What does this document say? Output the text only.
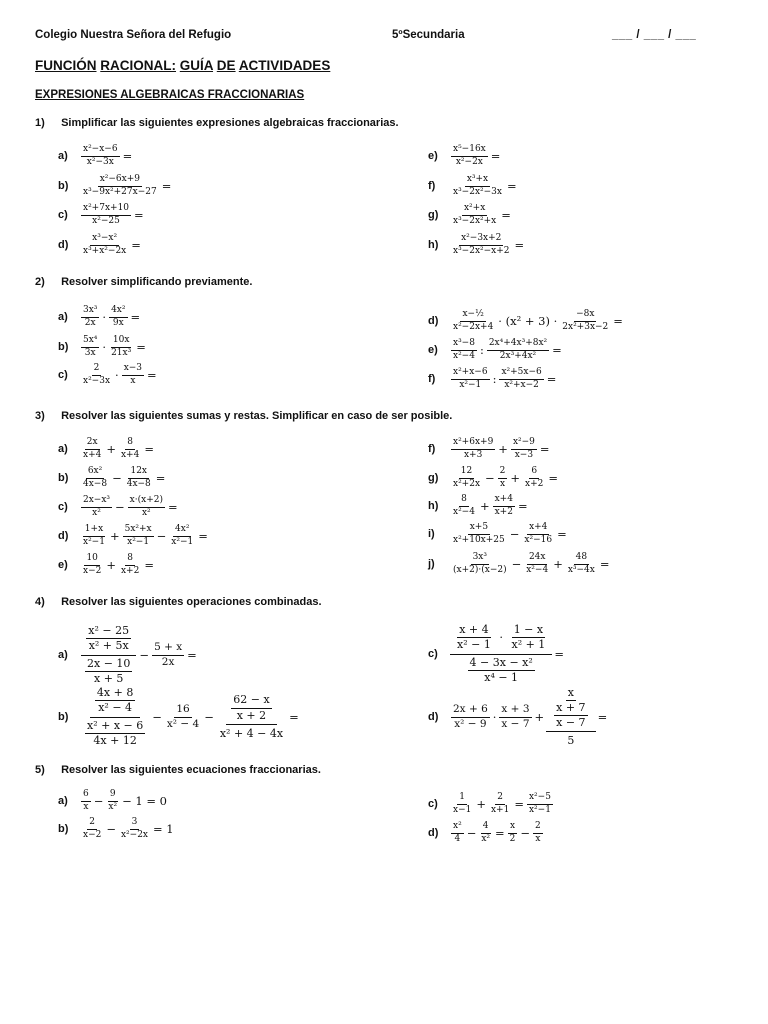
Colegio Nuestra Señora del Refugio	5ºSecundaria	___ / ___ / ___
FUNCIÓN RACIONAL: GUÍA DE ACTIVIDADES
EXPRESIONES ALGEBRAICAS FRACCIONARIAS
1) Simplificar las siguientes expresiones algebraicas fraccionarias.
a)	$\frac{\text{x²−x−6}}{\text{x²−3x}}$ =
b)	$\frac{\text{x²−6x+9}}{\text{x³−9x²+27x−27}}$ =
c)	$\frac{\text{x²+7x+10}}{\text{x²−25}}$ =
d)	$\frac{\text{x³−x²}}{\text{x³+x²−2x}}$ =
e)	$\frac{\text{x⁵−16x}}{\text{x²−2x}}$ =
f)	$\frac{\text{x³+x}}{\text{x³−2x²−3x}}$ =
g)	$\frac{\text{x²+x}}{\text{x³−2x²+x}}$ =
h)	$\frac{\text{x²−3x+2}}{\text{x³−2x²−x+2}}$ =
2) Resolver simplificando previamente.
a)	$\frac{\text{3x³}}{2x} \cdot \frac{\text{4x²}}{9x}$ =
b)	$\frac{\text{5x⁴}}{3x} \cdot \frac{10x}{\text{21x³}}$ =
c)	$\frac{2}{\text{x²−3x}} \cdot \frac{x-3}{x}$ =
d)	$\frac{\text{x−½}}{\text{x²−2x+4}} \cdot (x^2 + 3) \cdot \frac{-8x}{\text{2x²+3x−2}}$ =
e)	$\frac{\text{x³−8}}{\text{x²−4}}$ : $\frac{\text{2x⁴+4x³+8x²}}{\text{2x³+4x²}}$ =
f)	$\frac{\text{x²+x−6}}{\text{x²−1}}$ : $\frac{\text{x²+5x−6}}{\text{x²+x−2}}$ =
3) Resolver las siguientes sumas y restas. Simplificar en caso de ser posible.
a)	$\frac{2x}{x+4} + \frac{8}{x+4}$ =
b)	$\frac{\text{6x²}}{4x-8} - \frac{12x}{4x-8}$ =
c)	$\frac{\text{2x−x³}}{\text{x²}} - \frac{x\cdot(x+2)}{\text{x²}}$ =
d)	$\frac{1+x}{\text{x²−1}} + \frac{\text{5x²+x}}{\text{x²−1}} - \frac{\text{4x²}}{\text{x²−1}}$ =
e)	$\frac{10}{x-2} + \frac{8}{x+2}$ =
f)	$\frac{\text{x²+6x+9}}{x+3} + \frac{\text{x²−9}}{x-3}$ =
g)	$\frac{12}{\text{x²+2x}} - \frac{2}{x} + \frac{6}{x+2}$ =
h)	$\frac{8}{\text{x²−4}} + \frac{x+4}{x+2}$ =
i)	$\frac{x+5}{\text{x²+10x+25}} - \frac{x+4}{\text{x²−16}}$ =
j)	$\frac{\text{3x³}}{(x+2)\cdot(x-2)} - \frac{24x}{\text{x²−4}} + \frac{48}{\text{x³−4x}}$ =
4) Resolver las siguientes operaciones combinadas.
a)	$\frac{\frac{\text{x² − 25}}{\text{x² + 5x}}}{\frac{2x - 10}{x + 5}} - \frac{5 + x}{2x}$ =
b)	$\frac{\frac{4x + 8}{\text{x² − 4}}}{\frac{\text{x² + x − 6}}{4x + 12}} - \frac{16}{\text{x² − 4}} - \frac{\frac{62 - x}{x + 2}}{\text{x² + 4 − 4x}}$ =
c)	$\frac{\frac{x + 4}{\text{x² − 1}} \cdot \frac{1 - x}{\text{x² + 1}}}{\frac{\text{4 − 3x − x²}}{\text{x⁴ − 1}}}$ =
d)	$\frac{2x + 6}{\text{x² − 9}} \cdot \frac{x + 3}{x - 7} + \frac{\frac{x}{\frac{x + 7}{x - 7}}}{5}$ =
5) Resolver las siguientes ecuaciones fraccionarias.
a)	$\frac{6}{x} - \frac{9}{\text{x²}} - 1 = 0$
b)	$\frac{2}{x-2} - \frac{3}{\text{x²−2x}} = 1$
c)	$\frac{1}{x-1} + \frac{2}{x+1} = \frac{\text{x²−5}}{\text{x²−1}}$
d)	$\frac{\text{x²}}{4} - \frac{4}{\text{x²}} = \frac{x}{2} - \frac{2}{x}$
